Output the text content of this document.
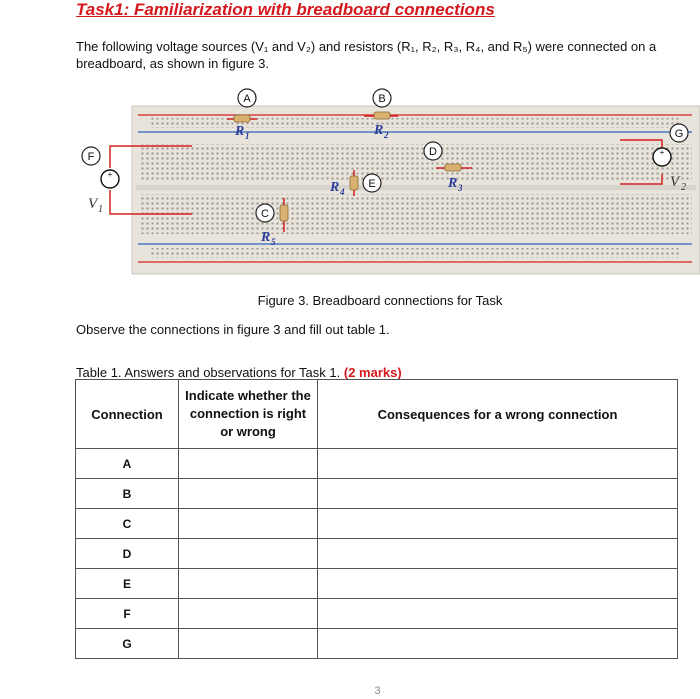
Task1: Familiarization with breadboard connections
The following voltage sources (V₁ and V₂) and resistors (R₁, R₂, R₃, R₄, and R₅) were connected on a breadboard, as shown in figure 3.
+
V 1
+
V 2
R 1	R 2
R 3
R 4
R 5
A	B
C
D
E
F
G
Figure 3. Breadboard connections for Task
Observe the connections in figure 3 and fill out table 1.
Table 1. Answers and observations for Task 1. (2 marks)
Connection	Indicate whether the connection is right or wrong	Consequences for a wrong connection
A		
B		
C		
D		
E		
F		
G		
3
